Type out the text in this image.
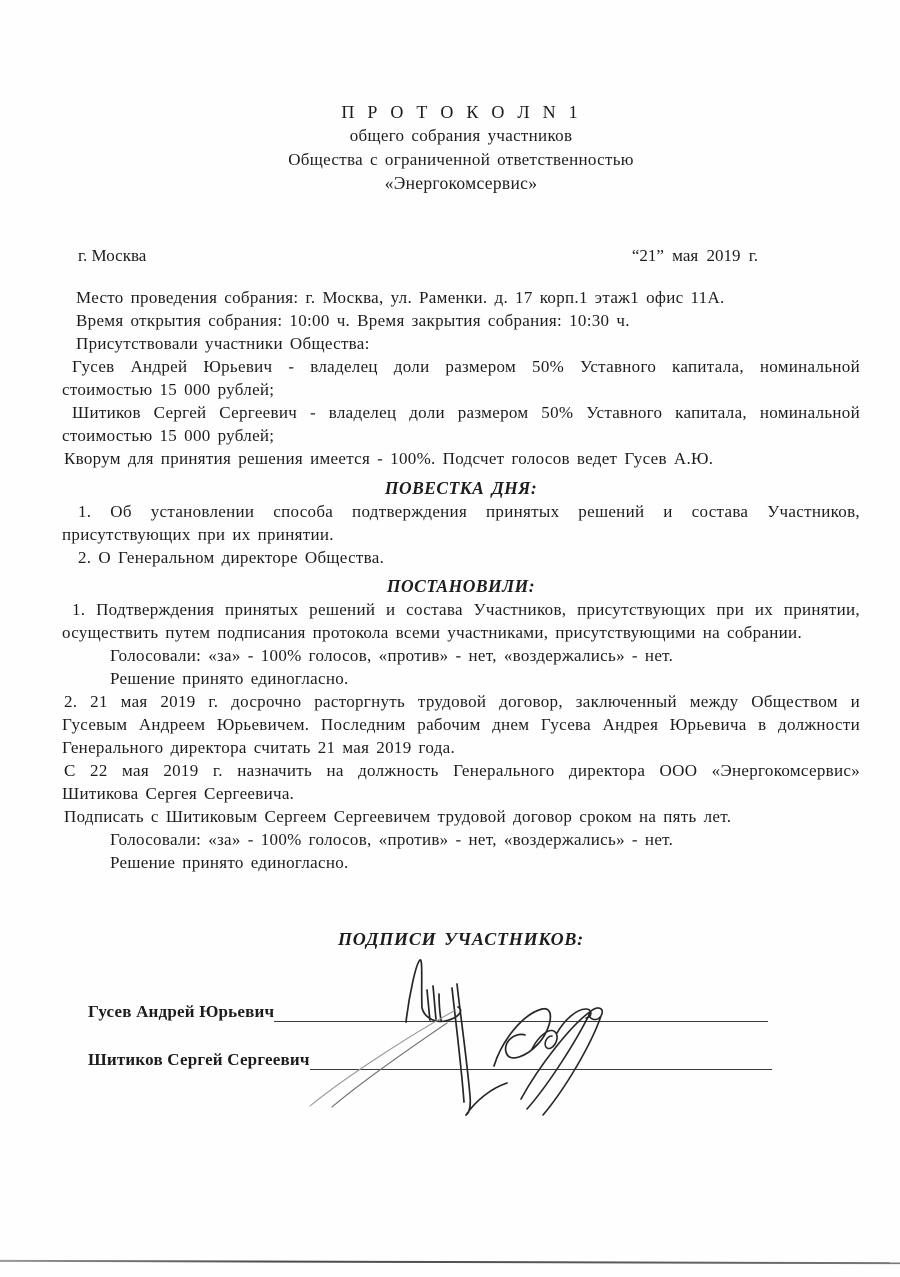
П Р О Т О К О Л N 1

общего собрания участников

Общества с ограниченной ответственностью

«Энергокомсервис»

г. Москва	“21” мая 2019 г.

Место проведения собрания: г. Москва, ул. Раменки. д. 17 корп.1 этаж1 офис 11А.

Время открытия собрания: 10:00 ч. Время закрытия собрания: 10:30 ч.

Присутствовали участники Общества:

Гусев Андрей Юрьевич - владелец доли размером 50% Уставного капитала, номинальной стоимостью 15 000 рублей;

Шитиков Сергей Сергеевич - владелец доли размером 50% Уставного капитала, номинальной стоимостью 15 000 рублей;

Кворум для принятия решения имеется - 100%. Подсчет голосов ведет Гусев А.Ю.

ПОВЕСТКА ДНЯ:

1. Об установлении способа подтверждения принятых решений и состава Участников, присутствующих при их принятии.

2. О Генеральном директоре Общества.

ПОСТАНОВИЛИ:

1. Подтверждения принятых решений и состава Участников, присутствующих при их принятии, осуществить путем подписания протокола всеми участниками, присутствующими на собрании.

Голосовали: «за» - 100% голосов, «против» - нет, «воздержались» - нет.

Решение принято единогласно.

2. 21 мая 2019 г. досрочно расторгнуть трудовой договор, заключенный между Обществом и Гусевым Андреем Юрьевичем. Последним рабочим днем Гусева Андрея Юрьевича в должности Генерального директора считать 21 мая 2019 года.

С 22 мая 2019 г. назначить на должность Генерального директора ООО «Энергокомсервис» Шитикова Сергея Сергеевича.

Подписать с Шитиковым Сергеем Сергеевичем трудовой договор сроком на пять лет.

Голосовали: «за» - 100% голосов, «против» - нет, «воздержались» - нет.

Решение принято единогласно.

ПОДПИСИ УЧАСТНИКОВ:

Гусев Андрей Юрьевич
Шитиков Сергей Сергеевич
